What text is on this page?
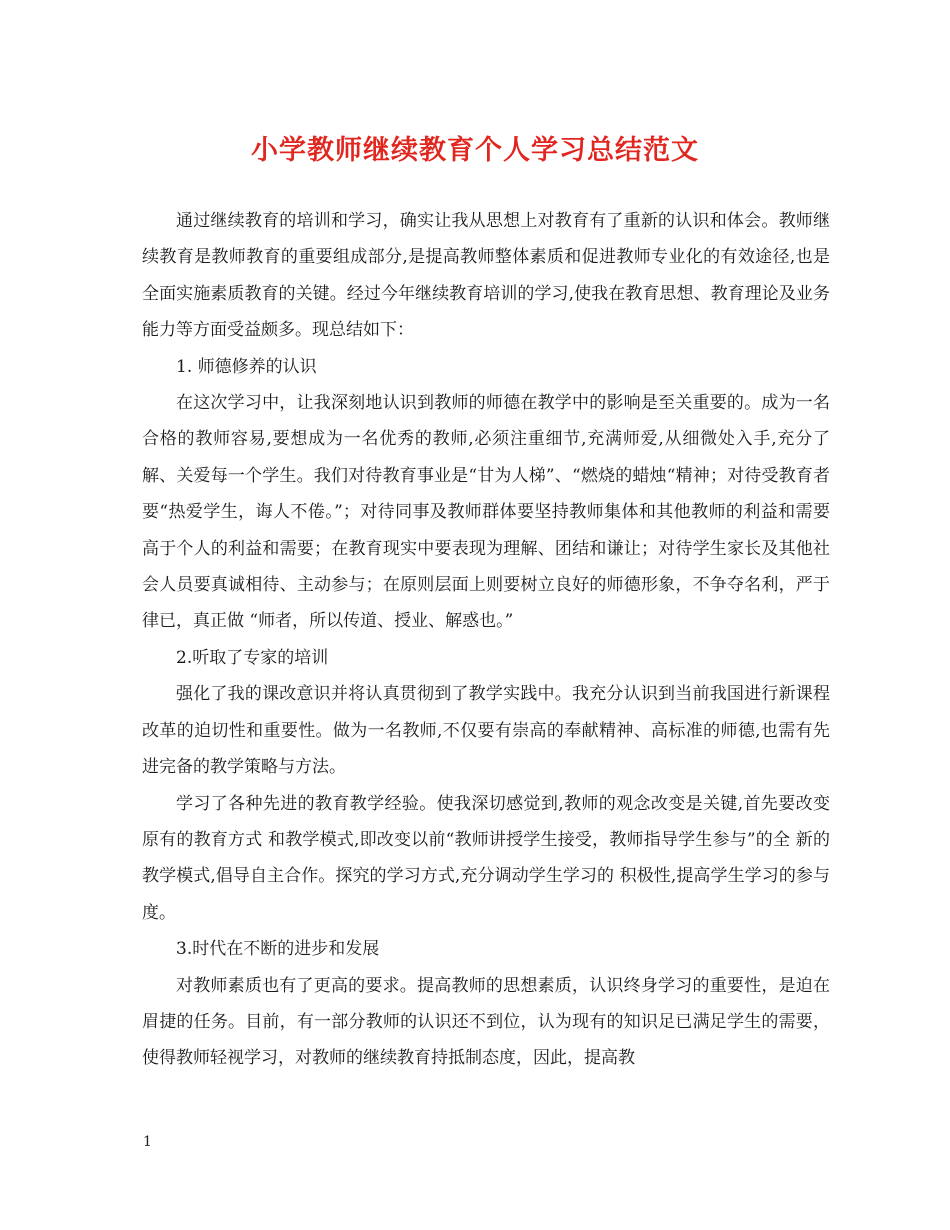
小学教师继续教育个人学习总结范文

通过继续教育的培训和学习，确实让我从思想上对教育有了重新的认识和体会。教师继续教育是教师教育的重要组成部分,是提高教师整体素质和促进教师专业化的有效途径,也是全面实施素质教育的关键。经过今年继续教育培训的学习,使我在教育思想、教育理论及业务能力等方面受益颇多。现总结如下：

1. 师德修养的认识

在这次学习中，让我深刻地认识到教师的师德在教学中的影响是至关重要的。成为一名合格的教师容易,要想成为一名优秀的教师,必须注重细节,充满师爱,从细微处入手,充分了解、关爱每一个学生。我们对待教育事业是“甘为人梯”、“燃烧的蜡烛“精神；对待受教育者要“热爱学生，诲人不倦。”；对待同事及教师群体要坚持教师集体和其他教师的利益和需要高于个人的利益和需要；在教育现实中要表现为理解、团结和谦让；对待学生家长及其他社会人员要真诚相待、主动参与；在原则层面上则要树立良好的师德形象，不争夺名利，严于律已，真正做 “师者，所以传道、授业、解惑也。”

2.听取了专家的培训

强化了我的课改意识并将认真贯彻到了教学实践中。我充分认识到当前我国进行新课程改革的迫切性和重要性。做为一名教师,不仅要有崇高的奉献精神、高标准的师德,也需有先进完备的教学策略与方法。

学习了各种先进的教育教学经验。使我深切感觉到,教师的观念改变是关键,首先要改变原有的教育方式 和教学模式,即改变以前“教师讲授学生接受，教师指导学生参与”的全 新的教学模式,倡导自主合作。探究的学习方式,充分调动学生学习的 积极性,提高学生学习的参与度。

3.时代在不断的进步和发展

对教师素质也有了更高的要求。提高教师的思想素质，认识终身学习的重要性，是迫在眉捷的任务。目前，有一部分教师的认识还不到位，认为现有的知识足已满足学生的需要，使得教师轻视学习，对教师的继续教育持抵制态度，因此，提高教

1
